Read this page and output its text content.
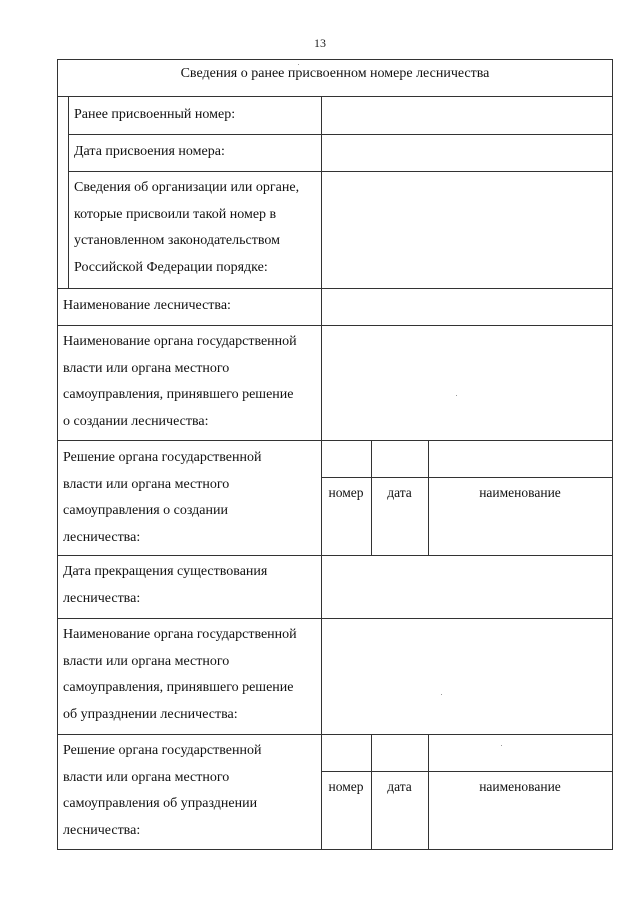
13
Сведения о ранее присвоенном номере лесничества
Ранее присвоенный номер:
Дата присвоения номера:
Сведения об организации или органе,
которые присвоили такой номер в
установленном законодательством
Российской Федерации порядке:
Наименование лесничества:
Наименование органа государственной
власти или органа местного
самоуправления, принявшего решение
о создании лесничества:
Решение органа государственной
власти или органа местного
самоуправления о создании
лесничества:
номер	дата	наименование
Дата прекращения существования
лесничества:
Наименование органа государственной
власти или органа местного
самоуправления, принявшего решение
об упразднении лесничества:
Решение органа государственной
власти или органа местного
самоуправления об упразднении
лесничества:
номер	дата	наименование
